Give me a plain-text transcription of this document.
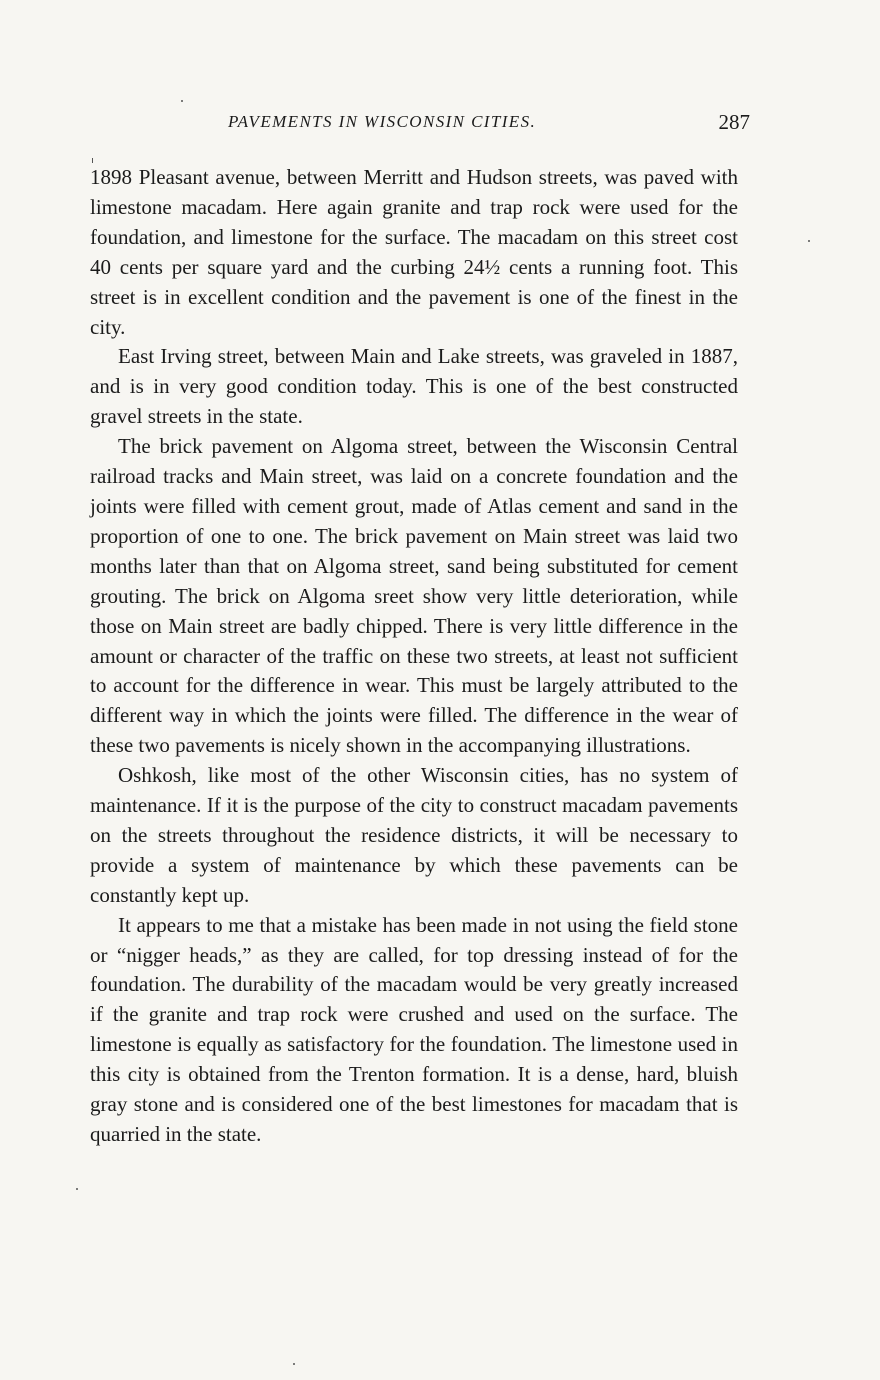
PAVEMENTS IN WISCONSIN CITIES.	287

1898 Pleasant avenue, between Merritt and Hudson streets, was paved with limestone macadam. Here again granite and trap rock were used for the foundation, and limestone for the surface. The macadam on this street cost 40 cents per square yard and the curbing 24½ cents a running foot. This street is in excellent condition and the pavement is one of the finest in the city.

East Irving street, between Main and Lake streets, was graveled in 1887, and is in very good condition today. This is one of the best constructed gravel streets in the state.

The brick pavement on Algoma street, between the Wisconsin Central railroad tracks and Main street, was laid on a concrete foundation and the joints were filled with cement grout, made of Atlas cement and sand in the proportion of one to one. The brick pavement on Main street was laid two months later than that on Algoma street, sand being substituted for cement grouting. The brick on Algoma sreet show very little deterioration, while those on Main street are badly chipped. There is very little difference in the amount or character of the traffic on these two streets, at least not sufficient to account for the difference in wear. This must be largely attributed to the different way in which the joints were filled. The difference in the wear of these two pavements is nicely shown in the accompanying illustrations.

Oshkosh, like most of the other Wisconsin cities, has no system of maintenance. If it is the purpose of the city to construct macadam pavements on the streets throughout the residence districts, it will be necessary to provide a system of maintenance by which these pavements can be constantly kept up.

It appears to me that a mistake has been made in not using the field stone or “nigger heads,” as they are called, for top dressing instead of for the foundation. The durability of the macadam would be very greatly increased if the granite and trap rock were crushed and used on the surface. The limestone is equally as satisfactory for the foundation. The limestone used in this city is obtained from the Trenton formation. It is a dense, hard, bluish gray stone and is considered one of the best limestones for macadam that is quarried in the state.
